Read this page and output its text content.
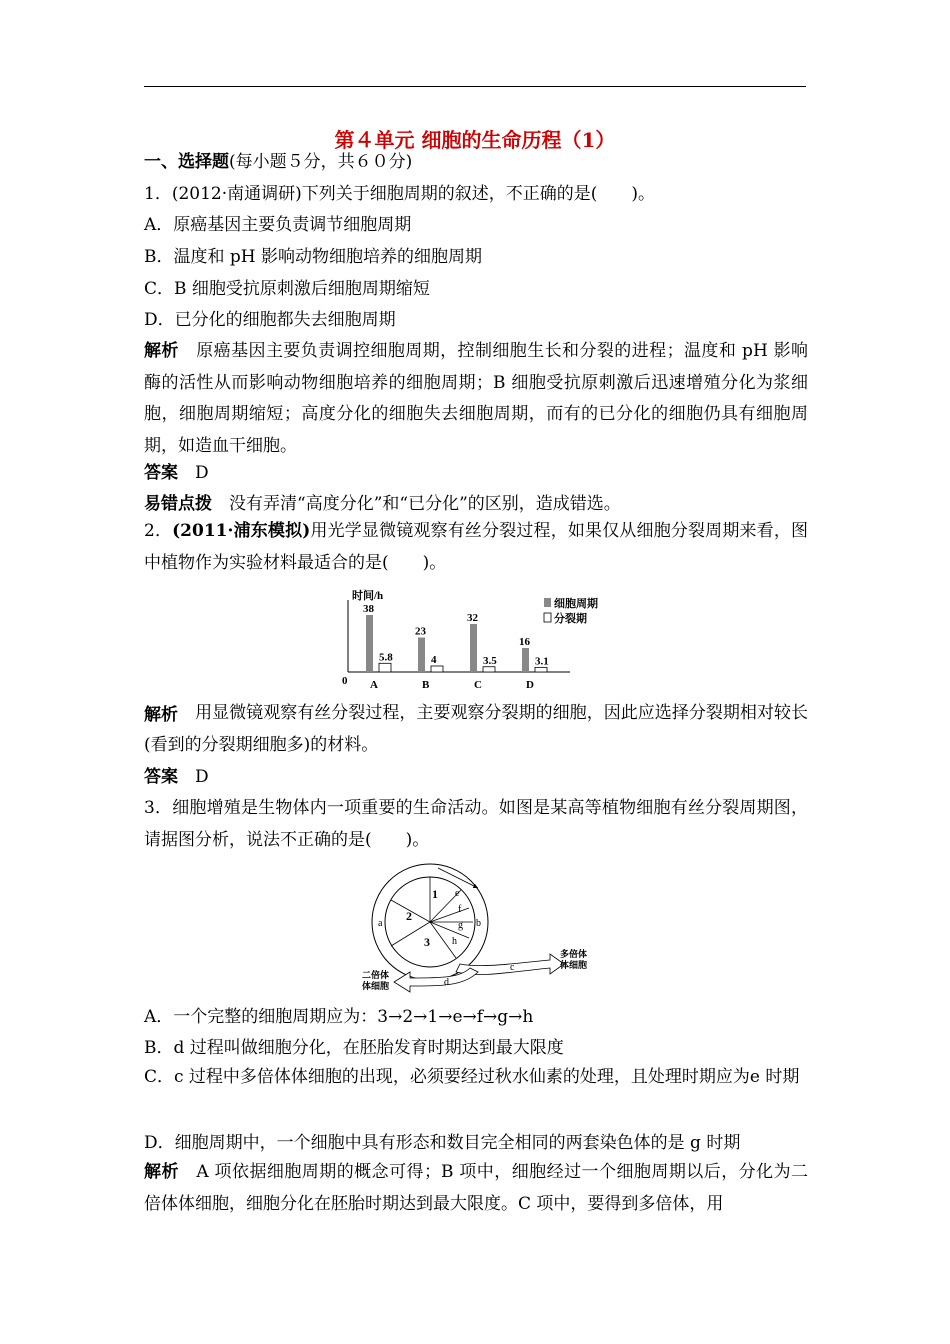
第４单元 细胞的生命历程（1）
一、选择题(每小题５分，共６０分)
1．(2012·南通调研)下列关于细胞周期的叙述，不正确的是(　　)。
A．原癌基因主要负责调节细胞周期
B．温度和 pH 影响动物细胞培养的细胞周期
C．B 细胞受抗原刺激后细胞周期缩短
D．已分化的细胞都失去细胞周期
解析　 原癌基因主要负责调控细胞周期，控制细胞生长和分裂的进程；温度和 pH 影响酶的活性从而影响动物细胞培养的细胞周期；B 细胞受抗原刺激后迅速增殖分化为浆细胞，细胞周期缩短；高度分化的细胞失去细胞周期，而有的已分化的细胞仍具有细胞周期，如造血干细胞。
答案　 D
易错点拨　 没有弄清“高度分化”和“已分化”的区别，造成错选。
2．(2011·浦东模拟)用光学显微镜观察有丝分裂过程，如果仅从细胞分裂周期来看，图中植物作为实验材料最适合的是(　　)。
时间/h
0
38
5.8
A
23
4
B
32
3.5
C
16
3.1
D
细胞周期
分裂期
解析
　	用显微镜观察有丝分裂过程，主要观察分裂期的细胞，因此应选择分裂期相对较长(看到的分裂期细胞多)的材料。
答案　 D
3．细胞增殖是生物体内一项重要的生命活动。如图是某高等植物细胞有丝分裂周期图，请据图分析，说法不正确的是(　　)。
1
2
3
e
f
g
h
a	b
c
d
多倍体
体细胞
二倍体
体细胞
A．一个完整的细胞周期应为：3→2→1→e→f→g→h
B．d 过程叫做细胞分化，在胚胎发育时期达到最大限度
C．c 过程中多倍体体细胞的出现，必须要经过秋水仙素的处理，且处理时期应为e 时期
D．细胞周期中，一个细胞中具有形态和数目完全相同的两套染色体的是 g 时期
解析　 A 项依据细胞周期的概念可得；B 项中，细胞经过一个细胞周期以后，分化为二倍体体细胞，细胞分化在胚胎时期达到最大限度。C 项中，要得到多倍体，用
